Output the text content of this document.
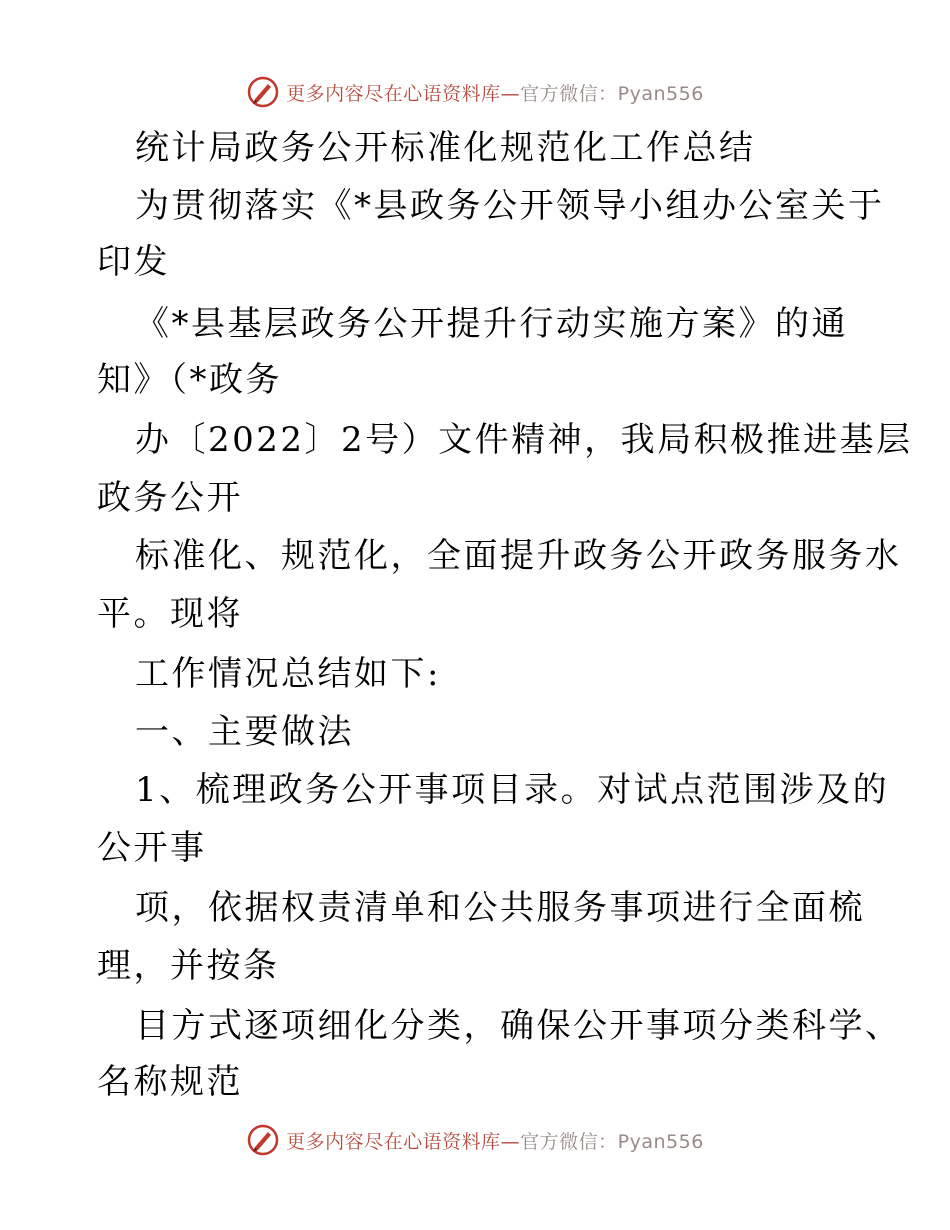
更多内容尽在心语资料库—官方微信：Pyan556
统计局政务公开标准化规范化工作总结
为贯彻落实《*县政务公开领导小组办公室关于
印发
《*县基层政务公开提升行动实施方案》的通
知》（*政务
办〔2022〕2号）文件精神，我局积极推进基层
政务公开
标准化、规范化，全面提升政务公开政务服务水
平。现将
工作情况总结如下:
一、主要做法
1、梳理政务公开事项目录。对试点范围涉及的
公开事
项，依据权责清单和公共服务事项进行全面梳
理，并按条
目方式逐项细化分类，确保公开事项分类科学、
名称规范
更多内容尽在心语资料库—官方微信：Pyan556
